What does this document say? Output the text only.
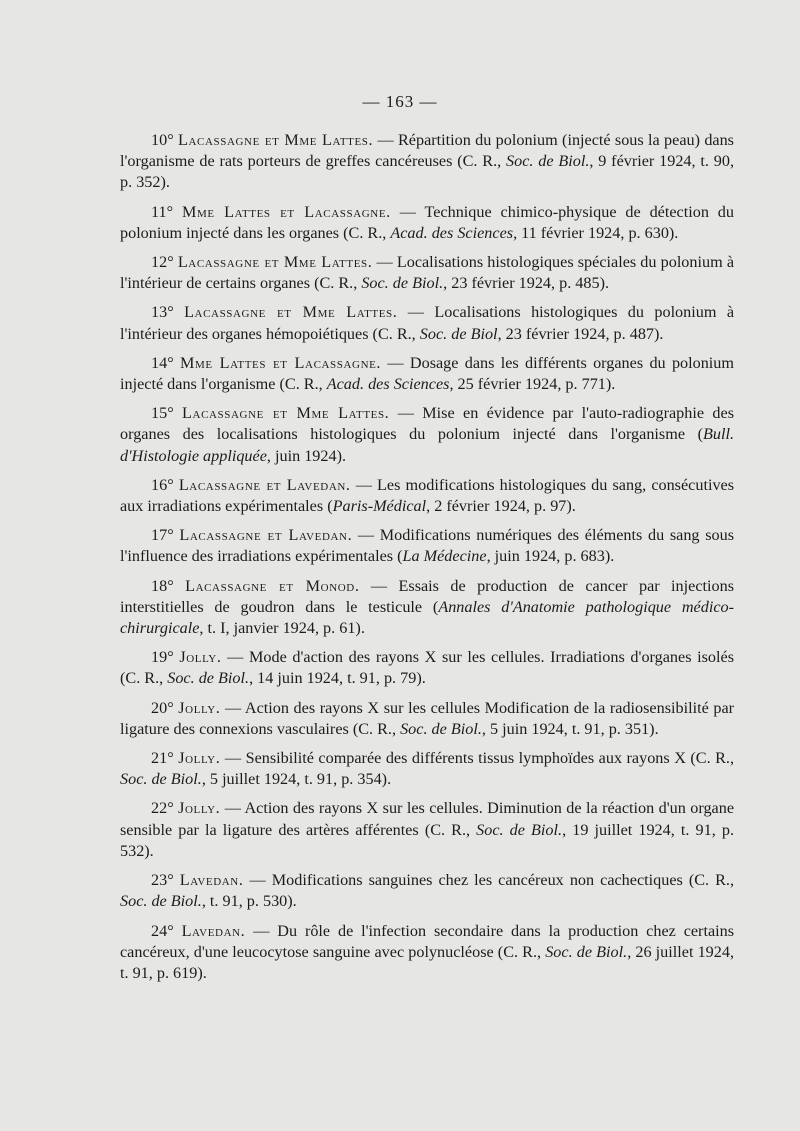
— 163 —

10° Lacassagne et Mme Lattes. — Répartition du polonium (injecté sous la peau) dans l'organisme de rats porteurs de greffes cancéreuses (C. R., Soc. de Biol., 9 février 1924, t. 90, p. 352).

11° Mme Lattes et Lacassagne. — Technique chimico-physique de détection du polonium injecté dans les organes (C. R., Acad. des Sciences, 11 février 1924, p. 630).

12° Lacassagne et Mme Lattes. — Localisations histologiques spéciales du polonium à l'intérieur de certains organes (C. R., Soc. de Biol., 23 février 1924, p. 485).

13° Lacassagne et Mme Lattes. — Localisations histologiques du polonium à l'intérieur des organes hémopoiétiques (C. R., Soc. de Biol, 23 février 1924, p. 487).

14° Mme Lattes et Lacassagne. — Dosage dans les différents organes du polonium injecté dans l'organisme (C. R., Acad. des Sciences, 25 février 1924, p. 771).

15° Lacassagne et Mme Lattes. — Mise en évidence par l'auto-radiographie des organes des localisations histologiques du polonium injecté dans l'organisme (Bull. d'Histologie appliquée, juin 1924).

16° Lacassagne et Lavedan. — Les modifications histologiques du sang, consécutives aux irradiations expérimentales (Paris-Médical, 2 février 1924, p. 97).

17° Lacassagne et Lavedan. — Modifications numériques des éléments du sang sous l'influence des irradiations expérimentales (La Médecine, juin 1924, p. 683).

18° Lacassagne et Monod. — Essais de production de cancer par injections interstitielles de goudron dans le testicule (Annales d'Anatomie pathologique médico-chirurgicale, t. I, janvier 1924, p. 61).

19° Jolly. — Mode d'action des rayons X sur les cellules. Irradiations d'organes isolés (C. R., Soc. de Biol., 14 juin 1924, t. 91, p. 79).

20° Jolly. — Action des rayons X sur les cellules Modification de la radiosensibilité par ligature des connexions vasculaires (C. R., Soc. de Biol., 5 juin 1924, t. 91, p. 351).

21° Jolly. — Sensibilité comparée des différents tissus lymphoïdes aux rayons X (C. R., Soc. de Biol., 5 juillet 1924, t. 91, p. 354).

22° Jolly. — Action des rayons X sur les cellules. Diminution de la réaction d'un organe sensible par la ligature des artères afférentes (C. R., Soc. de Biol., 19 juillet 1924, t. 91, p. 532).

23° Lavedan. — Modifications sanguines chez les cancéreux non cachectiques (C. R., Soc. de Biol., t. 91, p. 530).

24° Lavedan. — Du rôle de l'infection secondaire dans la production chez certains cancéreux, d'une leucocytose sanguine avec polynucléose (C. R., Soc. de Biol., 26 juillet 1924, t. 91, p. 619).
